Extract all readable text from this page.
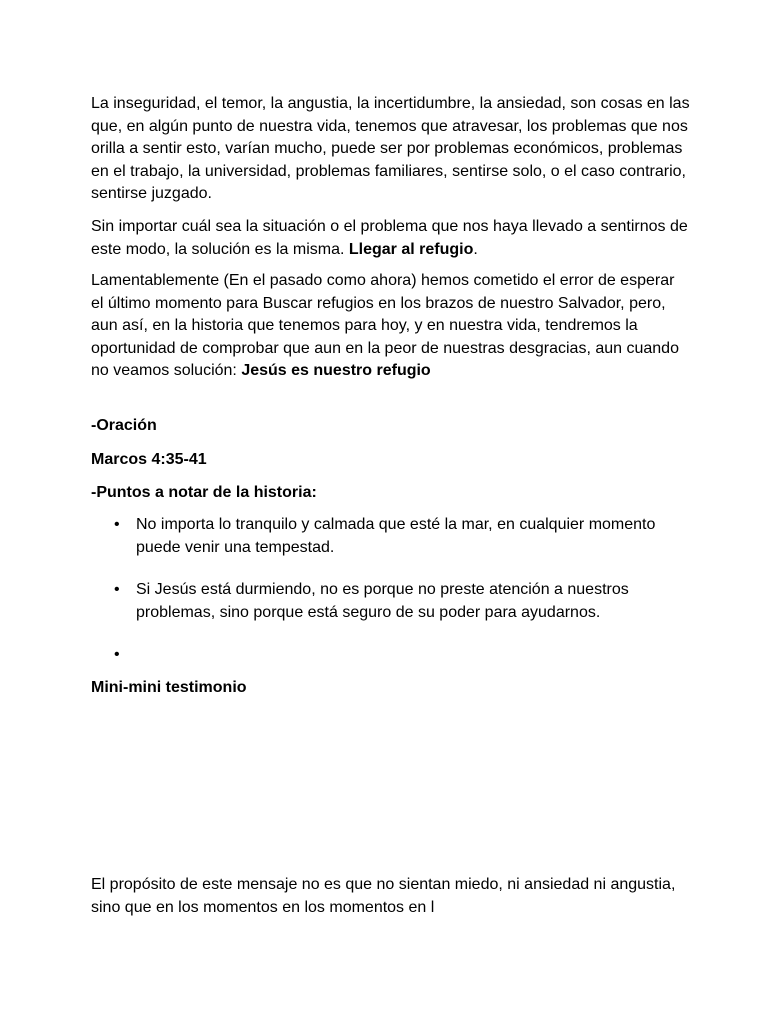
La inseguridad, el temor, la angustia, la incertidumbre, la ansiedad, son cosas en las que, en algún punto de nuestra vida, tenemos que atravesar, los problemas que nos orilla a sentir esto, varían mucho, puede ser por problemas económicos, problemas en el trabajo, la universidad, problemas familiares, sentirse solo, o el caso contrario, sentirse juzgado.

Sin importar cuál sea la situación o el problema que nos haya llevado a sentirnos de este modo, la solución es la misma. Llegar al refugio.

Lamentablemente (En el pasado como ahora) hemos cometido el error de esperar el último momento para Buscar refugios en los brazos de nuestro Salvador, pero, aun así, en la historia que tenemos para hoy, y en nuestra vida, tendremos la oportunidad de comprobar que aun en la peor de nuestras desgracias, aun cuando no veamos solución: Jesús es nuestro refugio

-Oración

Marcos 4:35-41

-Puntos a notar de la historia:

• No importa lo tranquilo y calmada que esté la mar, en cualquier momento puede venir una tempestad.
• Si Jesús está durmiendo, no es porque no preste atención a nuestros problemas, sino porque está seguro de su poder para ayudarnos.
•

Mini-mini testimonio

El propósito de este mensaje no es que no sientan miedo, ni ansiedad ni angustia, sino que en los momentos en los momentos en l
